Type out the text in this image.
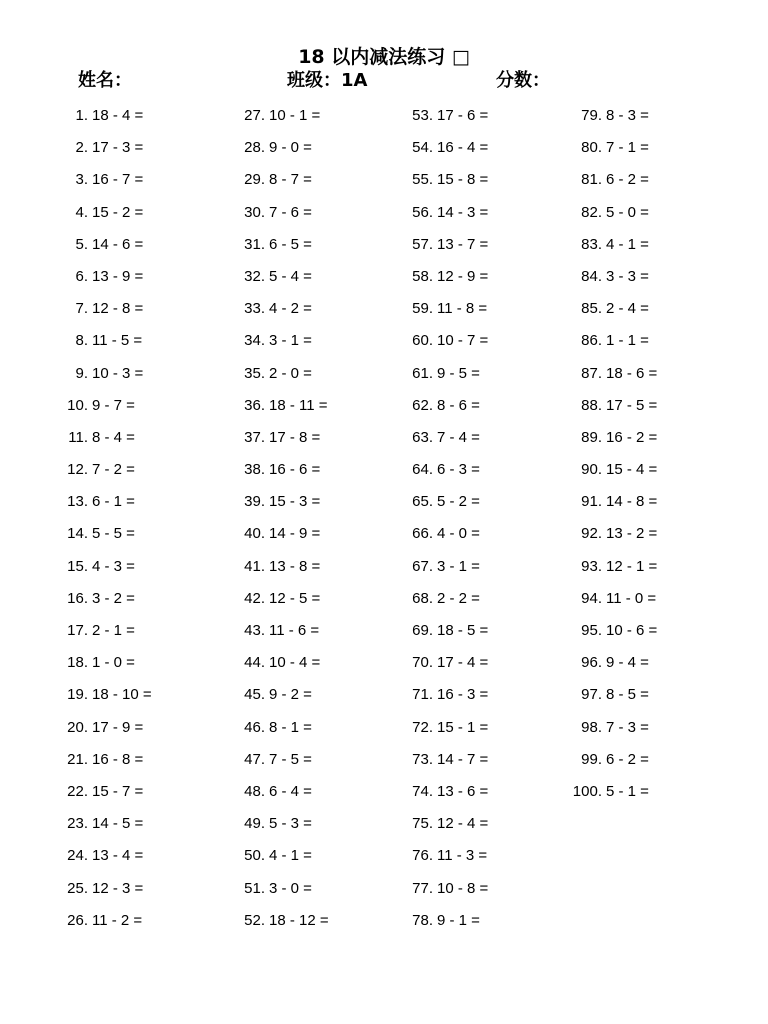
18 以内减法练习 □
姓名：	班级：1A	分数：
1. 18 - 4 =
2. 17 - 3 =
3. 16 - 7 =
4. 15 - 2 =
5. 14 - 6 =
6. 13 - 9 =
7. 12 - 8 =
8. 11 - 5 =
9. 10 - 3 =
10. 9 - 7 =
11. 8 - 4 =
12. 7 - 2 =
13. 6 - 1 =
14. 5 - 5 =
15. 4 - 3 =
16. 3 - 2 =
17. 2 - 1 =
18. 1 - 0 =
19. 18 - 10 =
20. 17 - 9 =
21. 16 - 8 =
22. 15 - 7 =
23. 14 - 5 =
24. 13 - 4 =
25. 12 - 3 =
26. 11 - 2 =
27. 10 - 1 =
28. 9 - 0 =
29. 8 - 7 =
30. 7 - 6 =
31. 6 - 5 =
32. 5 - 4 =
33. 4 - 2 =
34. 3 - 1 =
35. 2 - 0 =
36. 18 - 11 =
37. 17 - 8 =
38. 16 - 6 =
39. 15 - 3 =
40. 14 - 9 =
41. 13 - 8 =
42. 12 - 5 =
43. 11 - 6 =
44. 10 - 4 =
45. 9 - 2 =
46. 8 - 1 =
47. 7 - 5 =
48. 6 - 4 =
49. 5 - 3 =
50. 4 - 1 =
51. 3 - 0 =
52. 18 - 12 =
53. 17 - 6 =
54. 16 - 4 =
55. 15 - 8 =
56. 14 - 3 =
57. 13 - 7 =
58. 12 - 9 =
59. 11 - 8 =
60. 10 - 7 =
61. 9 - 5 =
62. 8 - 6 =
63. 7 - 4 =
64. 6 - 3 =
65. 5 - 2 =
66. 4 - 0 =
67. 3 - 1 =
68. 2 - 2 =
69. 18 - 5 =
70. 17 - 4 =
71. 16 - 3 =
72. 15 - 1 =
73. 14 - 7 =
74. 13 - 6 =
75. 12 - 4 =
76. 11 - 3 =
77. 10 - 8 =
78. 9 - 1 =
79. 8 - 3 =
80. 7 - 1 =
81. 6 - 2 =
82. 5 - 0 =
83. 4 - 1 =
84. 3 - 3 =
85. 2 - 4 =
86. 1 - 1 =
87. 18 - 6 =
88. 17 - 5 =
89. 16 - 2 =
90. 15 - 4 =
91. 14 - 8 =
92. 13 - 2 =
93. 12 - 1 =
94. 11 - 0 =
95. 10 - 6 =
96. 9 - 4 =
97. 8 - 5 =
98. 7 - 3 =
99. 6 - 2 =
100. 5 - 1 =
